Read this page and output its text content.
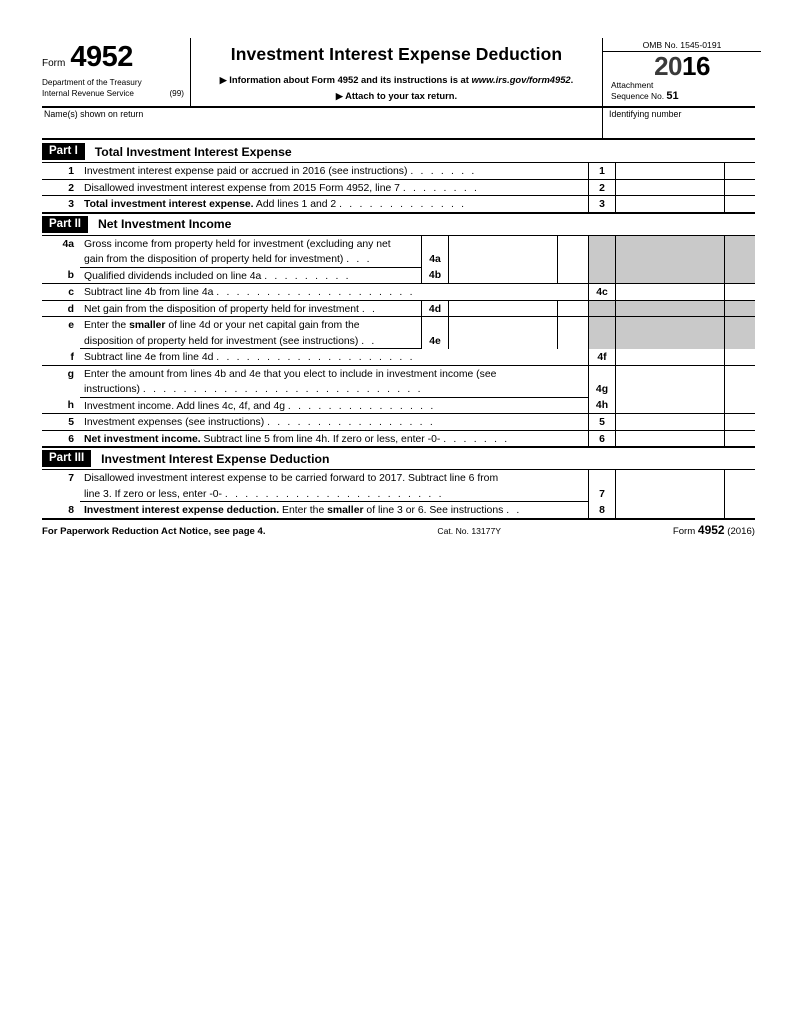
Form 4952
Department of the Treasury
Internal Revenue Service	(99)
Investment Interest Expense Deduction
▶ Information about Form 4952 and its instructions is at www.irs.gov/form4952.
▶ Attach to your tax return.
OMB No. 1545-0191
2016
Attachment
Sequence No. 51
Name(s) shown on return	Identifying number
Part I	Total Investment Interest Expense
1	Investment interest expense paid or accrued in 2016 (see instructions) . . . . . . .	1		
2	Disallowed investment interest expense from 2015 Form 4952, line 7 . . . . . . . .	2		
3	Total investment interest expense. Add lines 1 and 2 . . . . . . . . . . . . .	3		
Part II	Net Investment Income
4a	Gross income from property held for investment (excluding any net	4a					
	gain from the disposition of property held for investment) . . .						
b	Qualified dividends included on line 4a . . . . . . . . .	4b					
c	Subtract line 4b from line 4a . . . . . . . . . . . . . . . . . . . .				4c		
d	Net gain from the disposition of property held for investment . .	4d					
e	Enter the smaller of line 4d or your net capital gain from the	4e					
	disposition of property held for investment (see instructions) . .						
f	Subtract line 4e from line 4d . . . . . . . . . . . . . . . . . . . .				4f		
g	Enter the amount from lines 4b and 4e that you elect to include in investment income (see				4g		
	instructions) . . . . . . . . . . . . . . . . . . . . . . . . . . . .						
h	Investment income. Add lines 4c, 4f, and 4g . . . . . . . . . . . . . . .				4h		
5	Investment expenses (see instructions) . . . . . . . . . . . . . . . . .				5		
6	Net investment income. Subtract line 5 from line 4h. If zero or less, enter -0- . . . . . . .				6		
Part III	Investment Interest Expense Deduction
7	Disallowed investment interest expense to be carried forward to 2017. Subtract line 6 from	7		
	line 3. If zero or less, enter -0- . . . . . . . . . . . . . . . . . . . . . .			
8	Investment interest expense deduction. Enter the smaller of line 3 or 6. See instructions . .	8		
For Paperwork Reduction Act Notice, see page 4.	Cat. No. 13177Y	Form 4952 (2016)
